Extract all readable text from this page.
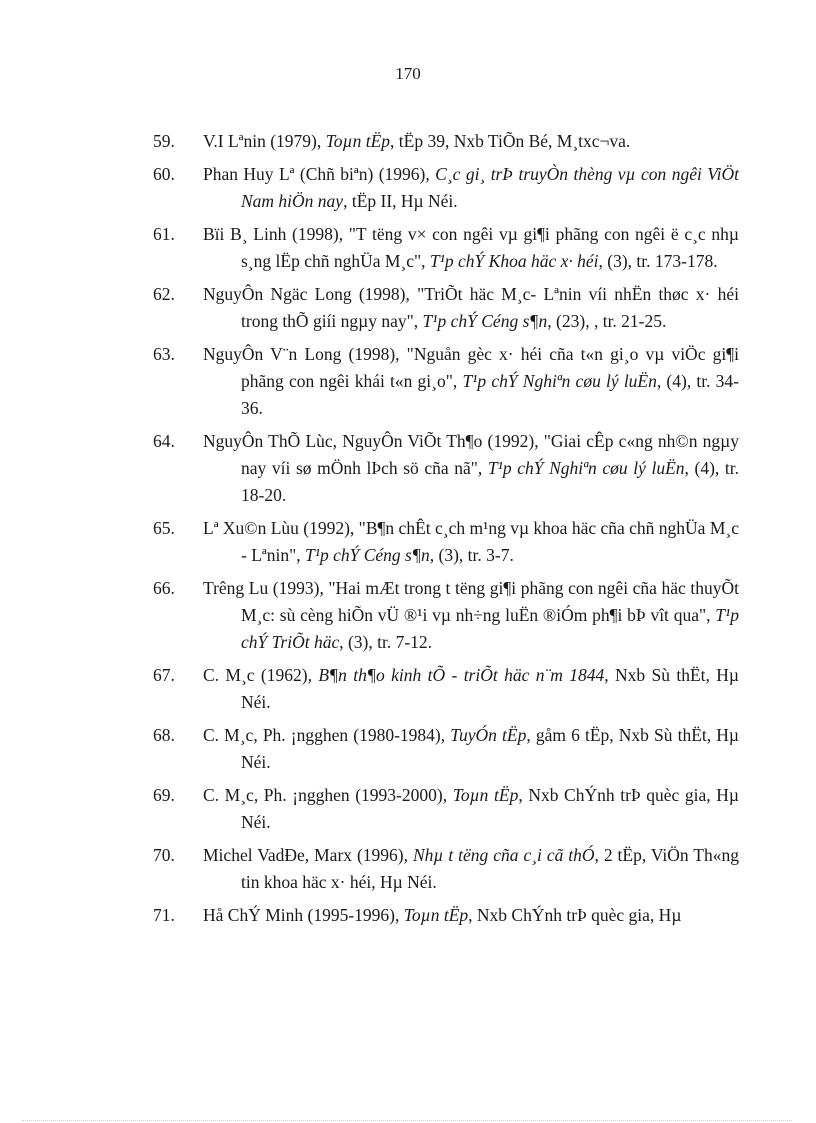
170
59.	V.I Lªnin (1979), Toµn tËp, tËp 39, Nxb TiÕn Bé, M¸txc¬va.
60.	Phan Huy Lª (Chñ biªn) (1996), C¸c gi¸ trÞ truyÒn thèng vµ con ngêi ViÖt Nam hiÖn nay, tËp II, Hµ Néi.
61.	Bïi B¸ Linh (1998), "T tëng v× con ngêi vµ gi¶i phãng con ngêi ë c¸c nhµ s¸ng lËp chñ nghÜa M¸c", T¹p chÝ Khoa häc x· héi, (3), tr. 173-178.
62.	NguyÔn Ngäc Long (1998), "TriÕt häc M¸c- Lªnin víi nhËn thøc x· héi trong thÕ giíi ngµy nay", T¹p chÝ Céng s¶n, (23), , tr. 21-25.
63.	NguyÔn V¨n Long (1998), "Nguån gèc x· héi cña t«n gi¸o vµ viÖc gi¶i phãng con ngêi khái t«n gi¸o", T¹p chÝ Nghiªn cøu lý luËn, (4), tr. 34-36.
64.	NguyÔn ThÕ Lùc, NguyÔn ViÕt Th¶o (1992), "Giai cÊp c«ng nh©n ngµy nay víi sø mÖnh lÞch sö cña nã", T¹p chÝ Nghiªn cøu lý luËn, (4), tr. 18-20.
65.	Lª Xu©n Lùu (1992), "B¶n chÊt c¸ch m¹ng vµ khoa häc cña chñ nghÜa M¸c - Lªnin", T¹p chÝ Céng s¶n, (3), tr. 3-7.
66.	Trêng Lu (1993), "Hai mÆt trong t tëng gi¶i phãng con ngêi cña häc thuyÕt M¸c: sù cèng hiÕn vÜ ®¹i vµ nh÷ng luËn ®iÓm ph¶i bÞ vît qua", T¹p chÝ TriÕt häc, (3), tr. 7-12.
67.	C. M¸c (1962), B¶n th¶o kinh tÕ - triÕt häc n¨m 1844, Nxb Sù thËt, Hµ Néi.
68.	C. M¸c, Ph. ¡ngghen (1980-1984), TuyÓn tËp, gåm 6 tËp, Nxb Sù thËt, Hµ Néi.
69.	C. M¸c, Ph. ¡ngghen (1993-2000), Toµn tËp, Nxb ChÝnh trÞ quèc gia, Hµ Néi.
70.	Michel VadÐe, Marx (1996), Nhµ t tëng cña c¸i cã thÓ, 2 tËp, ViÖn Th«ng tin khoa häc x· héi, Hµ Néi.
71.	Hå ChÝ Minh (1995-1996), Toµn tËp, Nxb ChÝnh trÞ quèc gia, Hµ
